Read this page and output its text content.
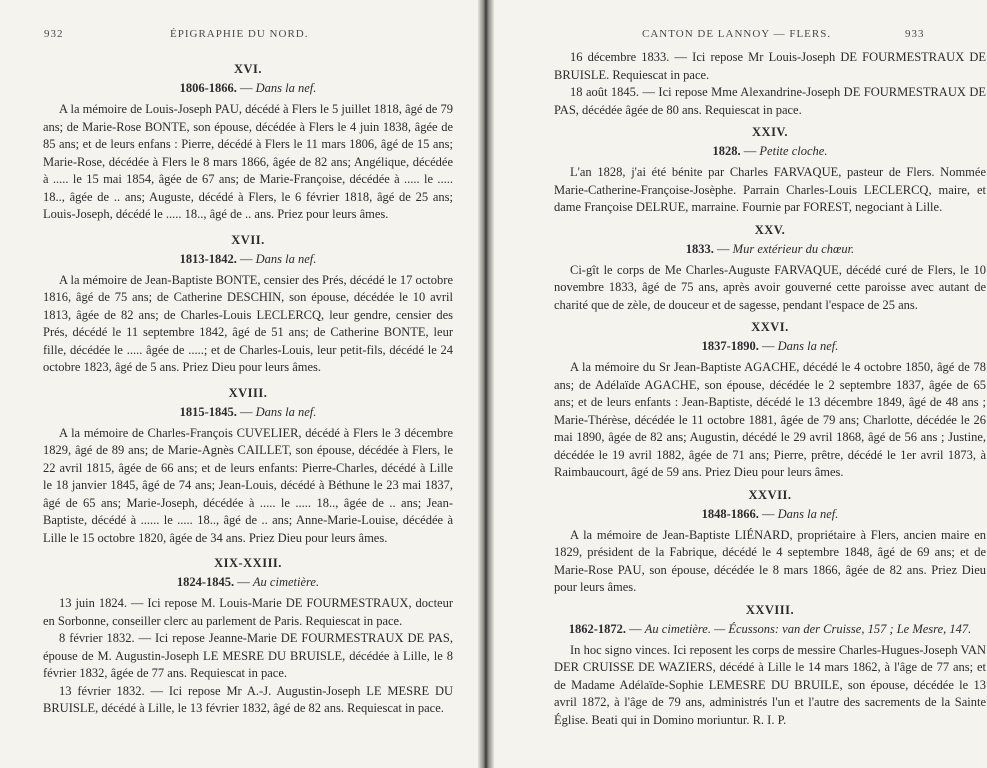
932	ÉPIGRAPHIE DU NORD.
XVI.
1806-1866. — Dans la nef.

A la mémoire de Louis-Joseph PAU, décédé à Flers le 5 juillet 1818, âgé de 79 ans; de Marie-Rose BONTE, son épouse, décédée à Flers le 4 juin 1838, âgée de 85 ans; et de leurs enfans : Pierre, décédé à Flers le 11 mars 1806, âgé de 15 ans; Marie-Rose, décédée à Flers le 8 mars 1866, âgée de 82 ans; Angélique, décédée à ..... le 15 mai 1854, âgée de 67 ans; de Marie-Françoise, décédée à ..... le ..... 18.., âgée de .. ans; Auguste, décédé à Flers, le 6 février 1818, âgé de 25 ans; Louis-Joseph, décédé le ..... 18.., âgé de .. ans. Priez pour leurs âmes.

XVII.
1813-1842. — Dans la nef.

A la mémoire de Jean-Baptiste BONTE, censier des Prés, décédé le 17 octobre 1816, âgé de 75 ans; de Catherine DESCHIN, son épouse, décédée le 10 avril 1813, âgée de 82 ans; de Charles-Louis LECLERCQ, leur gendre, censier des Prés, décédé le 11 septembre 1842, âgé de 51 ans; de Catherine BONTE, leur fille, décédée le ..... âgée de .....; et de Charles-Louis, leur petit-fils, décédé le 24 octobre 1823, âgé de 5 ans. Priez Dieu pour leurs âmes.

XVIII.
1815-1845. — Dans la nef.

A la mémoire de Charles-François CUVELIER, décédé à Flers le 3 décembre 1829, âgé de 89 ans; de Marie-Agnès CAILLET, son épouse, décédée à Flers, le 22 avril 1815, âgée de 66 ans; et de leurs enfants: Pierre-Charles, décédé à Lille le 18 janvier 1845, âgé de 74 ans; Jean-Louis, décédé à Béthune le 23 mai 1837, âgé de 65 ans; Marie-Joseph, décédée à ..... le ..... 18.., âgée de .. ans; Jean-Baptiste, décédé à ...... le ..... 18.., âgé de .. ans; Anne-Marie-Louise, décédée à Lille le 15 octobre 1820, âgée de 34 ans. Priez Dieu pour leurs âmes.

XIX-XXIII.
1824-1845. — Au cimetière.

13 juin 1824. — Ici repose M. Louis-Marie DE FOURMESTRAUX, docteur en Sorbonne, conseiller clerc au parlement de Paris. Requiescat in pace.

8 février 1832. — Ici repose Jeanne-Marie DE FOURMESTRAUX DE PAS, épouse de M. Augustin-Joseph LE MESRE DU BRUISLE, décédée à Lille, le 8 février 1832, âgée de 77 ans. Requiescat in pace.

13 février 1832. — Ici repose Mr A.-J. Augustin-Joseph LE MESRE DU BRUISLE, décédé à Lille, le 13 février 1832, âgé de 82 ans. Requiescat in pace.

CANTON DE LANNOY — FLERS.	933

16 décembre 1833. — Ici repose Mr Louis-Joseph DE FOURMESTRAUX DE BRUISLE. Requiescat in pace.

18 août 1845. — Ici repose Mme Alexandrine-Joseph DE FOURMESTRAUX DE PAS, décédée âgée de 80 ans. Requiescat in pace.

XXIV.
1828. — Petite cloche.

L'an 1828, j'ai été bénite par Charles FARVAQUE, pasteur de Flers. Nommée Marie-Catherine-Françoise-Josèphe. Parrain Charles-Louis LECLERCQ, maire, et dame Françoise DELRUE, marraine. Fournie par FOREST, negociant à Lille.

XXV.
1833. — Mur extérieur du chœur.

Ci-gît le corps de Me Charles-Auguste FARVAQUE, décédé curé de Flers, le 10 novembre 1833, âgé de 75 ans, après avoir gouverné cette paroisse avec autant de charité que de zèle, de douceur et de sagesse, pendant l'espace de 25 ans.

XXVI.
1837-1890. — Dans la nef.

A la mémoire du Sr Jean-Baptiste AGACHE, décédé le 4 octobre 1850, âgé de 78 ans; de Adélaïde AGACHE, son épouse, décédée le 2 septembre 1837, âgée de 65 ans; et de leurs enfants : Jean-Baptiste, décédé le 13 décembre 1849, âgé de 48 ans ; Marie-Thérèse, décédée le 11 octobre 1881, âgée de 79 ans; Charlotte, décédée le 26 mai 1890, âgée de 82 ans; Augustin, décédé le 29 avril 1868, âgé de 56 ans ; Justine, décédée le 19 avril 1882, âgée de 71 ans; Pierre, prêtre, décédé le 1er avril 1873, à Raimbaucourt, âgé de 59 ans. Priez Dieu pour leurs âmes.

XXVII.
1848-1866. — Dans la nef.

A la mémoire de Jean-Baptiste LIÉNARD, propriétaire à Flers, ancien maire en 1829, président de la Fabrique, décédé le 4 septembre 1848, âgé de 69 ans; et de Marie-Rose PAU, son épouse, décédée le 8 mars 1866, âgée de 82 ans. Priez Dieu pour leurs âmes.

XXVIII.
1862-1872. — Au cimetière. — Écussons: van der Cruisse, 157 ; Le Mesre, 147.

In hoc signo vinces. Ici reposent les corps de messire Charles-Hugues-Joseph VAN DER CRUISSE DE WAZIERS, décédé à Lille le 14 mars 1862, à l'âge de 77 ans; et de Madame Adélaïde-Sophie LEMESRE DU BRUILE, son épouse, décédée le 13 avril 1872, à l'âge de 79 ans, administrés l'un et l'autre des sacrements de la Sainte Église. Beati qui in Domino moriuntur. R. I. P.
